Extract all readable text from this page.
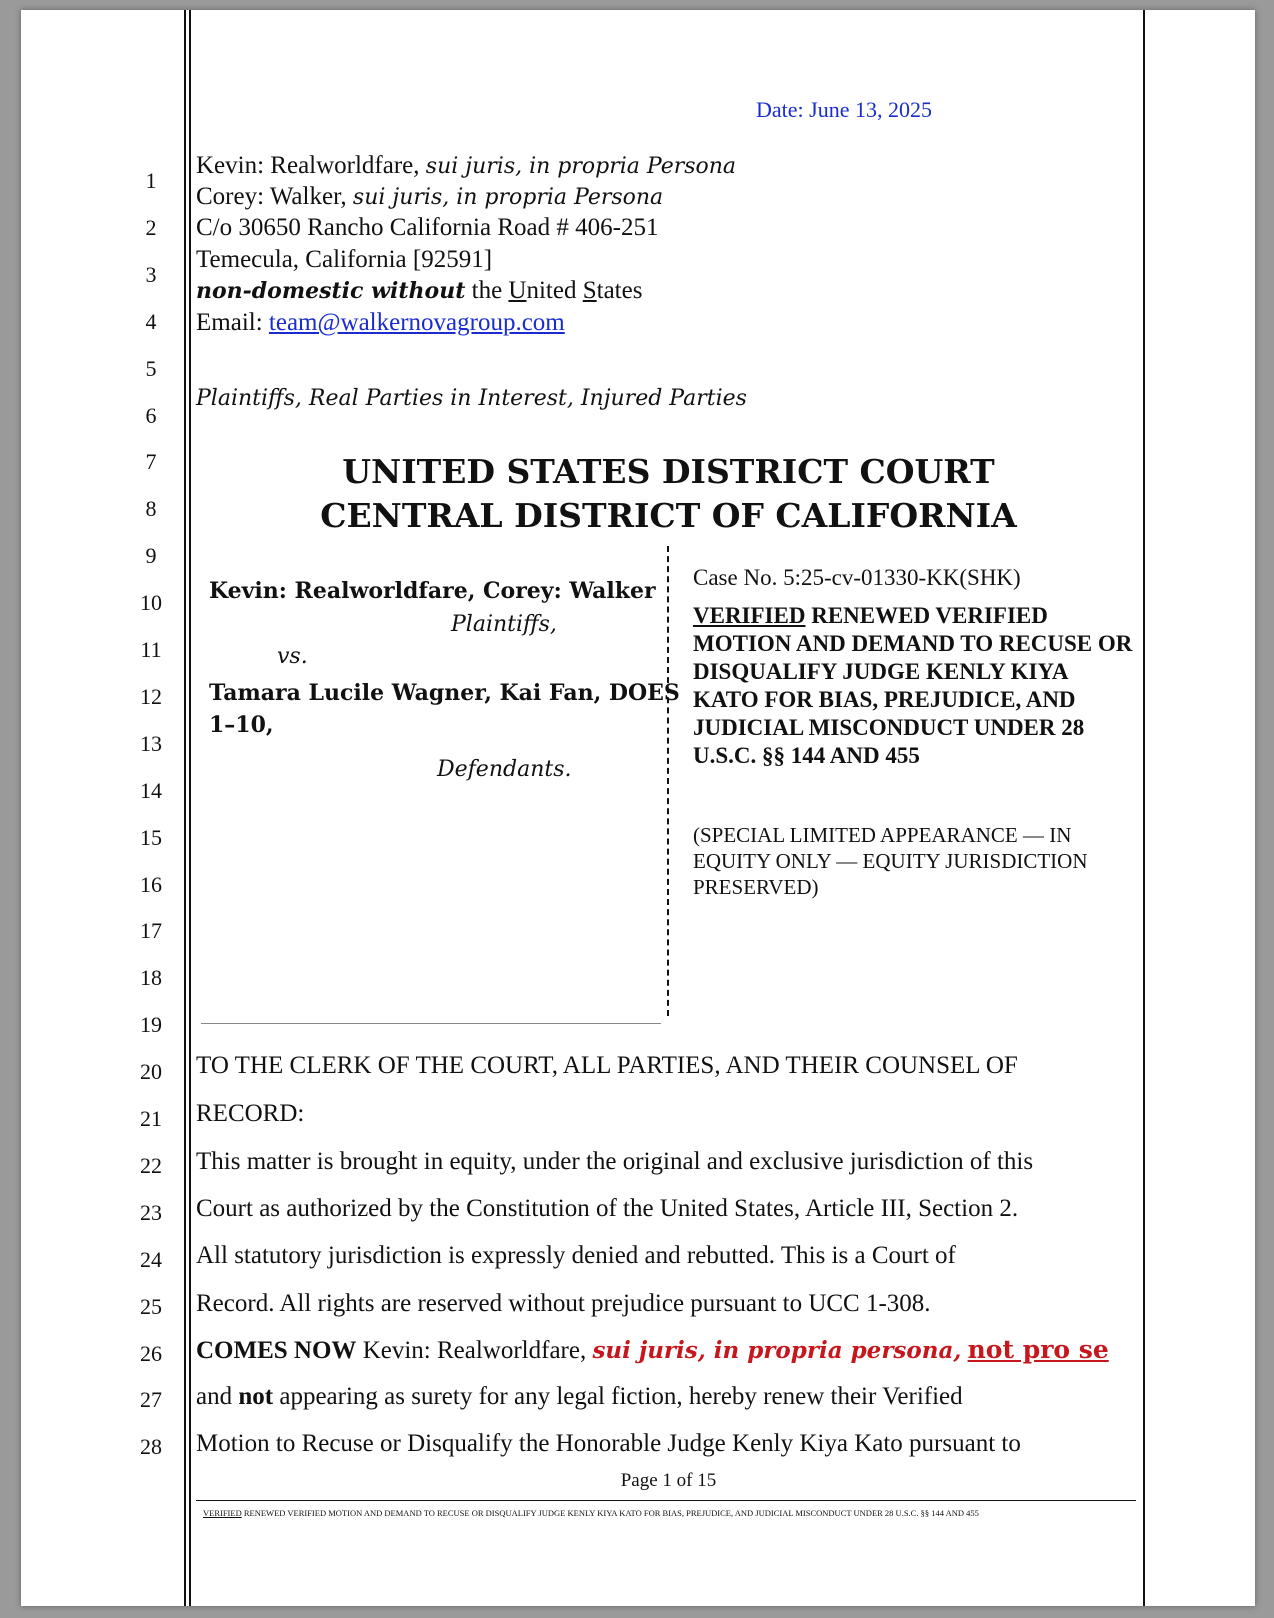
Date: June 13, 2025
1
2
3
4
5
6
7
8
9
10
11
12
13
14
15
16
17
18
19
20
21
22
23
24
25
26
27
28
Kevin: Realworldfare, sui juris, in propria Persona
Corey: Walker, sui juris, in propria Persona
C/o 30650 Rancho California Road # 406-251
Temecula, California [92591]
non-domestic without the United States
Email: team@walkernovagroup.com
Plaintiffs, Real Parties in Interest, Injured Parties
UNITED STATES DISTRICT COURT
CENTRAL DISTRICT OF CALIFORNIA
Kevin: Realworldfare, Corey: Walker
Plaintiffs,
vs.
Tamara Lucile Wagner, Kai Fan, DOES
1–10,
Defendants.
Case No. 5:25-cv-01330-KK(SHK)
VERIFIED RENEWED VERIFIED MOTION AND DEMAND TO RECUSE OR DISQUALIFY JUDGE KENLY KIYA KATO FOR BIAS, PREJUDICE, AND JUDICIAL MISCONDUCT UNDER 28 U.S.C. §§ 144 AND 455
(SPECIAL LIMITED APPEARANCE — IN EQUITY ONLY — EQUITY JURISDICTION PRESERVED)
TO THE CLERK OF THE COURT, ALL PARTIES, AND THEIR COUNSEL OF
RECORD:
This matter is brought in equity, under the original and exclusive jurisdiction of this
Court as authorized by the Constitution of the United States, Article III, Section 2.
All statutory jurisdiction is expressly denied and rebutted. This is a Court of
Record. All rights are reserved without prejudice pursuant to UCC 1-308.
COMES NOW Kevin: Realworldfare, sui juris, in propria persona, not pro se
and not appearing as surety for any legal fiction, hereby renew their Verified
Motion to Recuse or Disqualify the Honorable Judge Kenly Kiya Kato pursuant to
Page 1 of 15
VERIFIED RENEWED VERIFIED MOTION AND DEMAND TO RECUSE OR DISQUALIFY JUDGE KENLY KIYA KATO FOR BIAS, PREJUDICE, AND JUDICIAL MISCONDUCT UNDER 28 U.S.C. §§ 144 AND 455
